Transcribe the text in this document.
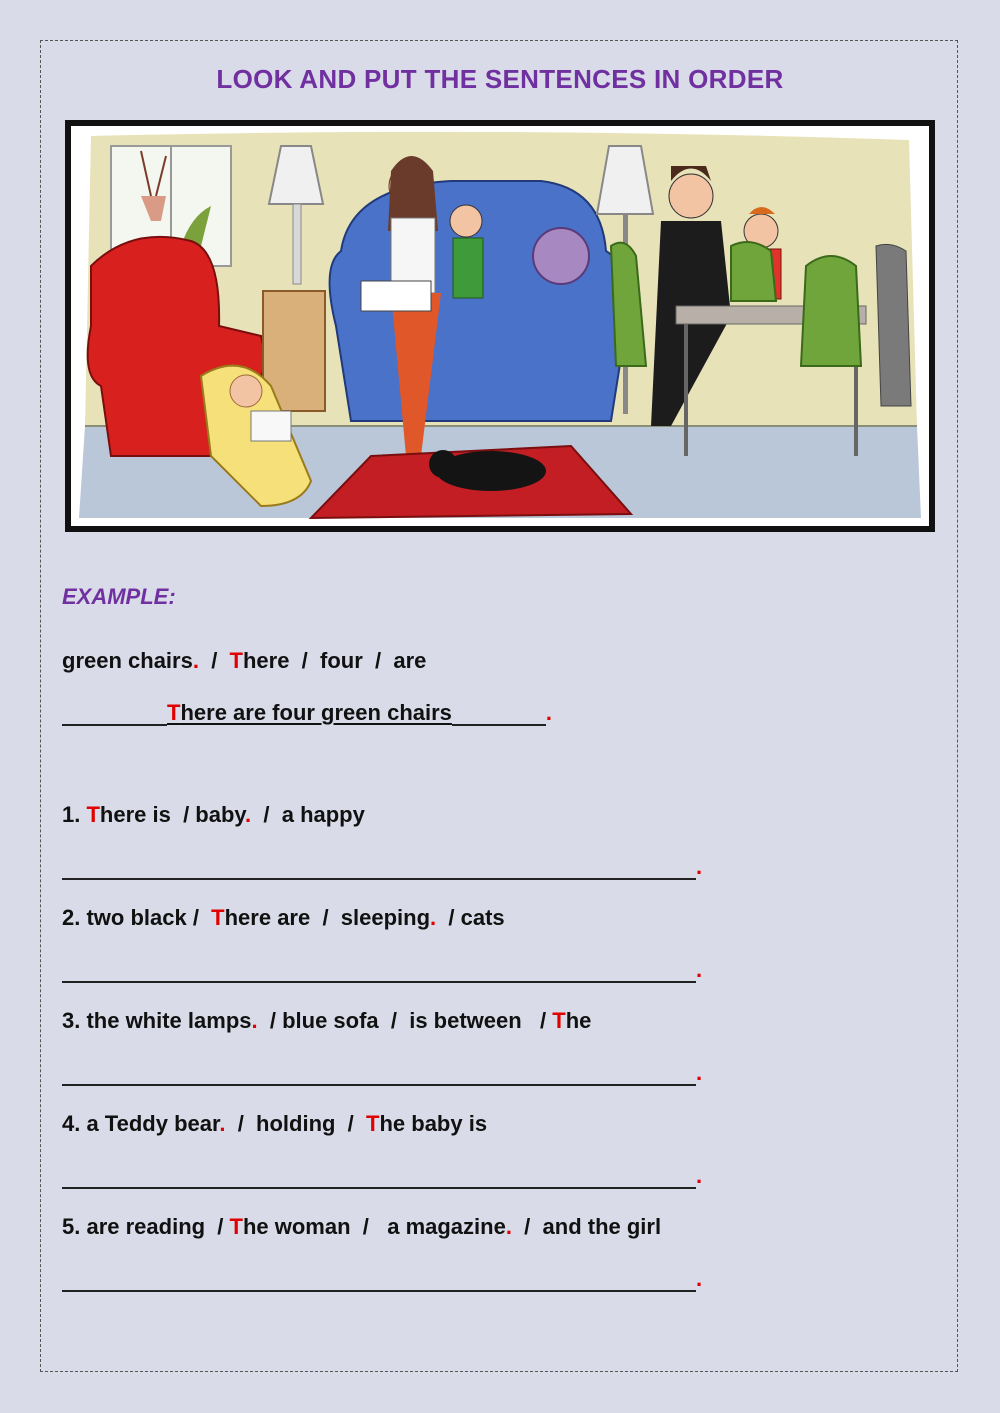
LOOK AND PUT THE SENTENCES IN ORDER
EXAMPLE:
green chairs.  /  There  /  four  /  are
There are four green chairs	.
1. There is  / baby.  /  a happy
.
2. two black /  There are  /  sleeping.  / cats
.
3. the white lamps.  / blue sofa  /  is between   / The
.
4. a Teddy bear.  /  holding  /  The baby is
.
5. are reading  / The woman  /   a magazine.  /  and the girl
.
